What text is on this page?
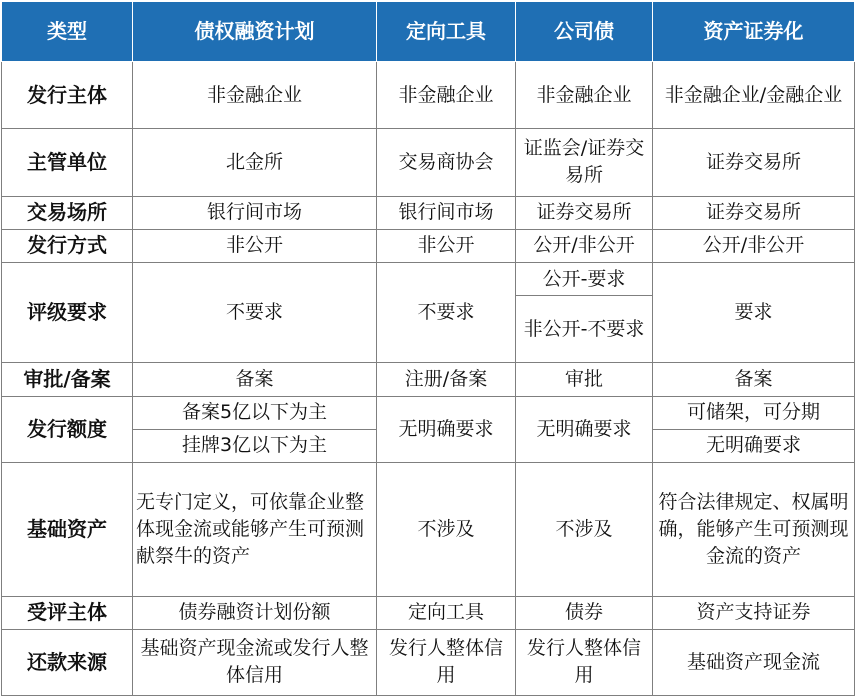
类型	债权融资计划	定向工具	公司债	资产证券化
发行主体	非金融企业	非金融企业	非金融企业	非金融企业/金融企业
主管单位	北金所	交易商协会	证监会/证券交易所	证券交易所
交易场所	银行间市场	银行间市场	证券交易所	证券交易所
发行方式	非公开	非公开	公开/非公开	公开/非公开
评级要求	不要求	不要求	公开-要求	要求
			非公开-不要求	
审批/备案	备案	注册/备案	审批	备案
发行额度	备案5亿以下为主	无明确要求	无明确要求	可储架，可分期
	挂牌3亿以下为主			无明确要求
基础资产	无专门定义，可依靠企业整体现金流或能够产生可预测献祭牛的资产	不涉及	不涉及	符合法律规定、权属明确，能够产生可预测现金流的资产
受评主体	债券融资计划份额	定向工具	债券	资产支持证券
还款来源	基础资产现金流或发行人整体信用	发行人整体信用	发行人整体信用	基础资产现金流
